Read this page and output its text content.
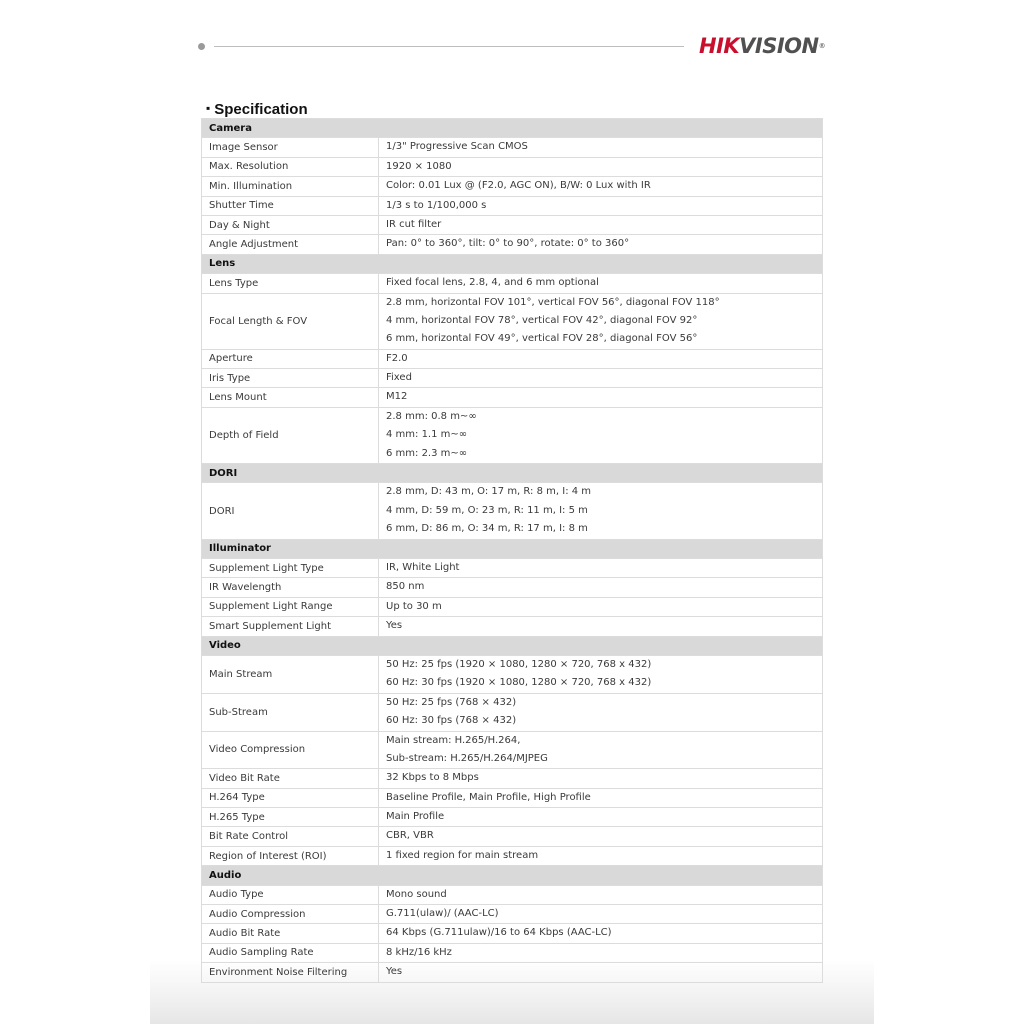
HIKVISION®
▪ Specification
Camera	
Image Sensor	1/3" Progressive Scan CMOS

Max. Resolution	1920 × 1080

Min. Illumination	Color: 0.01 Lux @ (F2.0, AGC ON), B/W: 0 Lux with IR

Shutter Time	1/3 s to 1/100,000 s

Day & Night	IR cut filter

Angle Adjustment	Pan: 0° to 360°, tilt: 0° to 90°, rotate: 0° to 360°

Lens	
Lens Type	Fixed focal lens, 2.8, 4, and 6 mm optional

Focal Length & FOV	2.8 mm, horizontal FOV 101°, vertical FOV 56°, diagonal FOV 118°
4 mm, horizontal FOV 78°, vertical FOV 42°, diagonal FOV 92°
6 mm, horizontal FOV 49°, vertical FOV 28°, diagonal FOV 56°

Aperture	F2.0

Iris Type	Fixed

Lens Mount	M12

Depth of Field	2.8 mm: 0.8 m~∞
4 mm: 1.1 m~∞
6 mm: 2.3 m~∞

DORI	
DORI	2.8 mm, D: 43 m, O: 17 m, R: 8 m, I: 4 m
4 mm, D: 59 m, O: 23 m, R: 11 m, I: 5 m
6 mm, D: 86 m, O: 34 m, R: 17 m, I: 8 m

Illuminator	
Supplement Light Type	IR, White Light

IR Wavelength	850 nm

Supplement Light Range	Up to 30 m

Smart Supplement Light	Yes

Video	
Main Stream	50 Hz: 25 fps (1920 × 1080, 1280 × 720, 768 x 432)
60 Hz: 30 fps (1920 × 1080, 1280 × 720, 768 x 432)

Sub-Stream	50 Hz: 25 fps (768 × 432)
60 Hz: 30 fps (768 × 432)

Video Compression	Main stream: H.265/H.264,
Sub-stream: H.265/H.264/MJPEG

Video Bit Rate	32 Kbps to 8 Mbps

H.264 Type	Baseline Profile, Main Profile, High Profile

H.265 Type	Main Profile

Bit Rate Control	CBR, VBR

Region of Interest (ROI)	1 fixed region for main stream

Audio	
Audio Type	Mono sound

Audio Compression	G.711(ulaw)/ (AAC-LC)

Audio Bit Rate	64 Kbps (G.711ulaw)/16 to 64 Kbps (AAC-LC)

Audio Sampling Rate	8 kHz/16 kHz

Environment Noise Filtering	Yes
